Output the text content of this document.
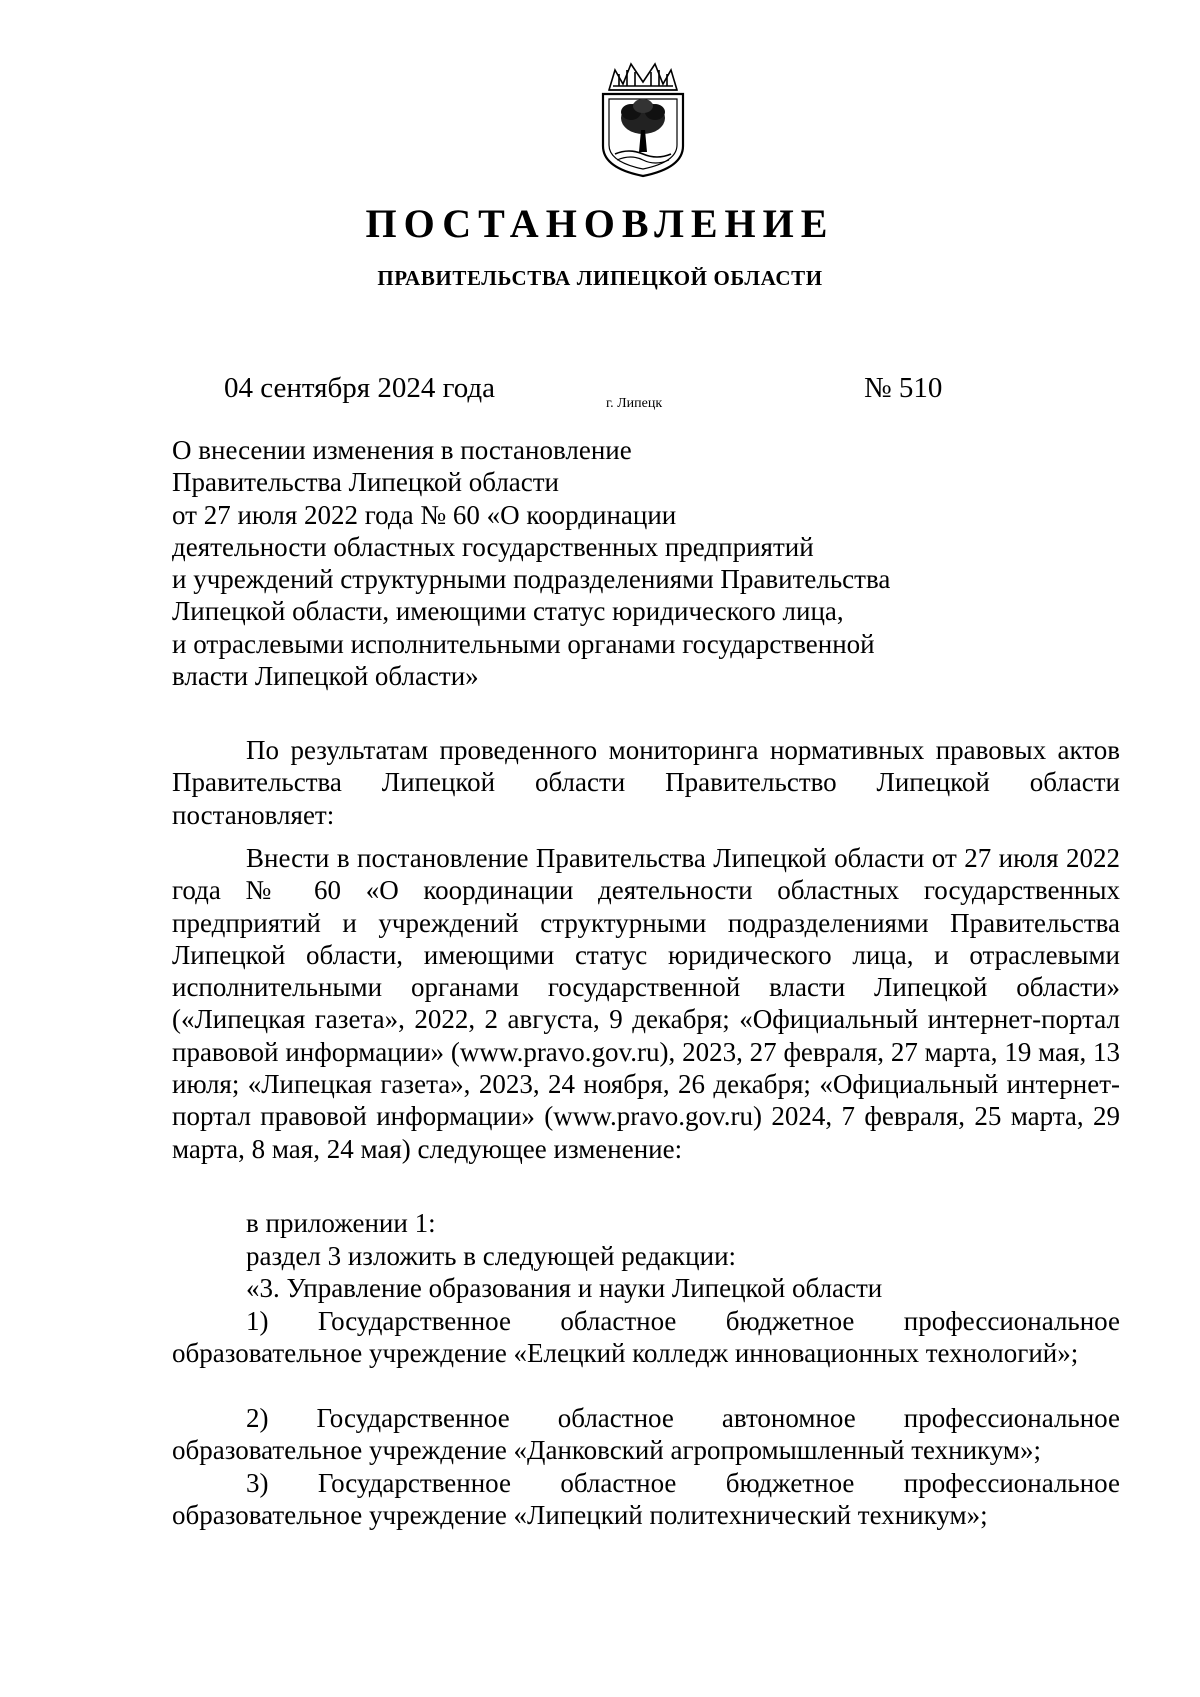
ПОСТАНОВЛЕНИЕ
ПРАВИТЕЛЬСТВА ЛИПЕЦКОЙ ОБЛАСТИ
04 сентября 2024 года	г. Липецк	№ 510
О внесении изменения в постановление
Правительства Липецкой области
от 27 июля 2022 года № 60 «О координации
деятельности областных государственных предприятий
и учреждений структурными подразделениями Правительства
Липецкой области, имеющими статус юридического лица,
и отраслевыми исполнительными органами государственной
власти Липецкой области»
По результатам проведенного мониторинга нормативных правовых актов Правительства Липецкой области Правительство Липецкой области постановляет:
Внести в постановление Правительства Липецкой области от 27 июля 2022 года № 60 «О координации деятельности областных государственных предприятий и учреждений структурными подразделениями Правительства Липецкой области, имеющими статус юридического лица, и отраслевыми исполнительными органами государственной власти Липецкой области» («Липецкая газета», 2022, 2 августа, 9 декабря; «Официальный интернет-портал правовой информации» (www.pravo.gov.ru), 2023, 27 февраля, 27 марта, 19 мая, 13 июля; «Липецкая газета», 2023, 24 ноября, 26 декабря; «Официальный интернет-портал правовой информации» (www.pravo.gov.ru) 2024, 7 февраля, 25 марта, 29 марта, 8 мая, 24 мая) следующее изменение:
в приложении 1:
раздел 3 изложить в следующей редакции:
«3. Управление образования и науки Липецкой области
1) Государственное областное бюджетное профессиональное
образовательное учреждение «Елецкий колледж инновационных технологий»;
2) Государственное областное автономное профессиональное
образовательное учреждение «Данковский агропромышленный техникум»;
3) Государственное областное бюджетное профессиональное
образовательное учреждение «Липецкий политехнический техникум»;
